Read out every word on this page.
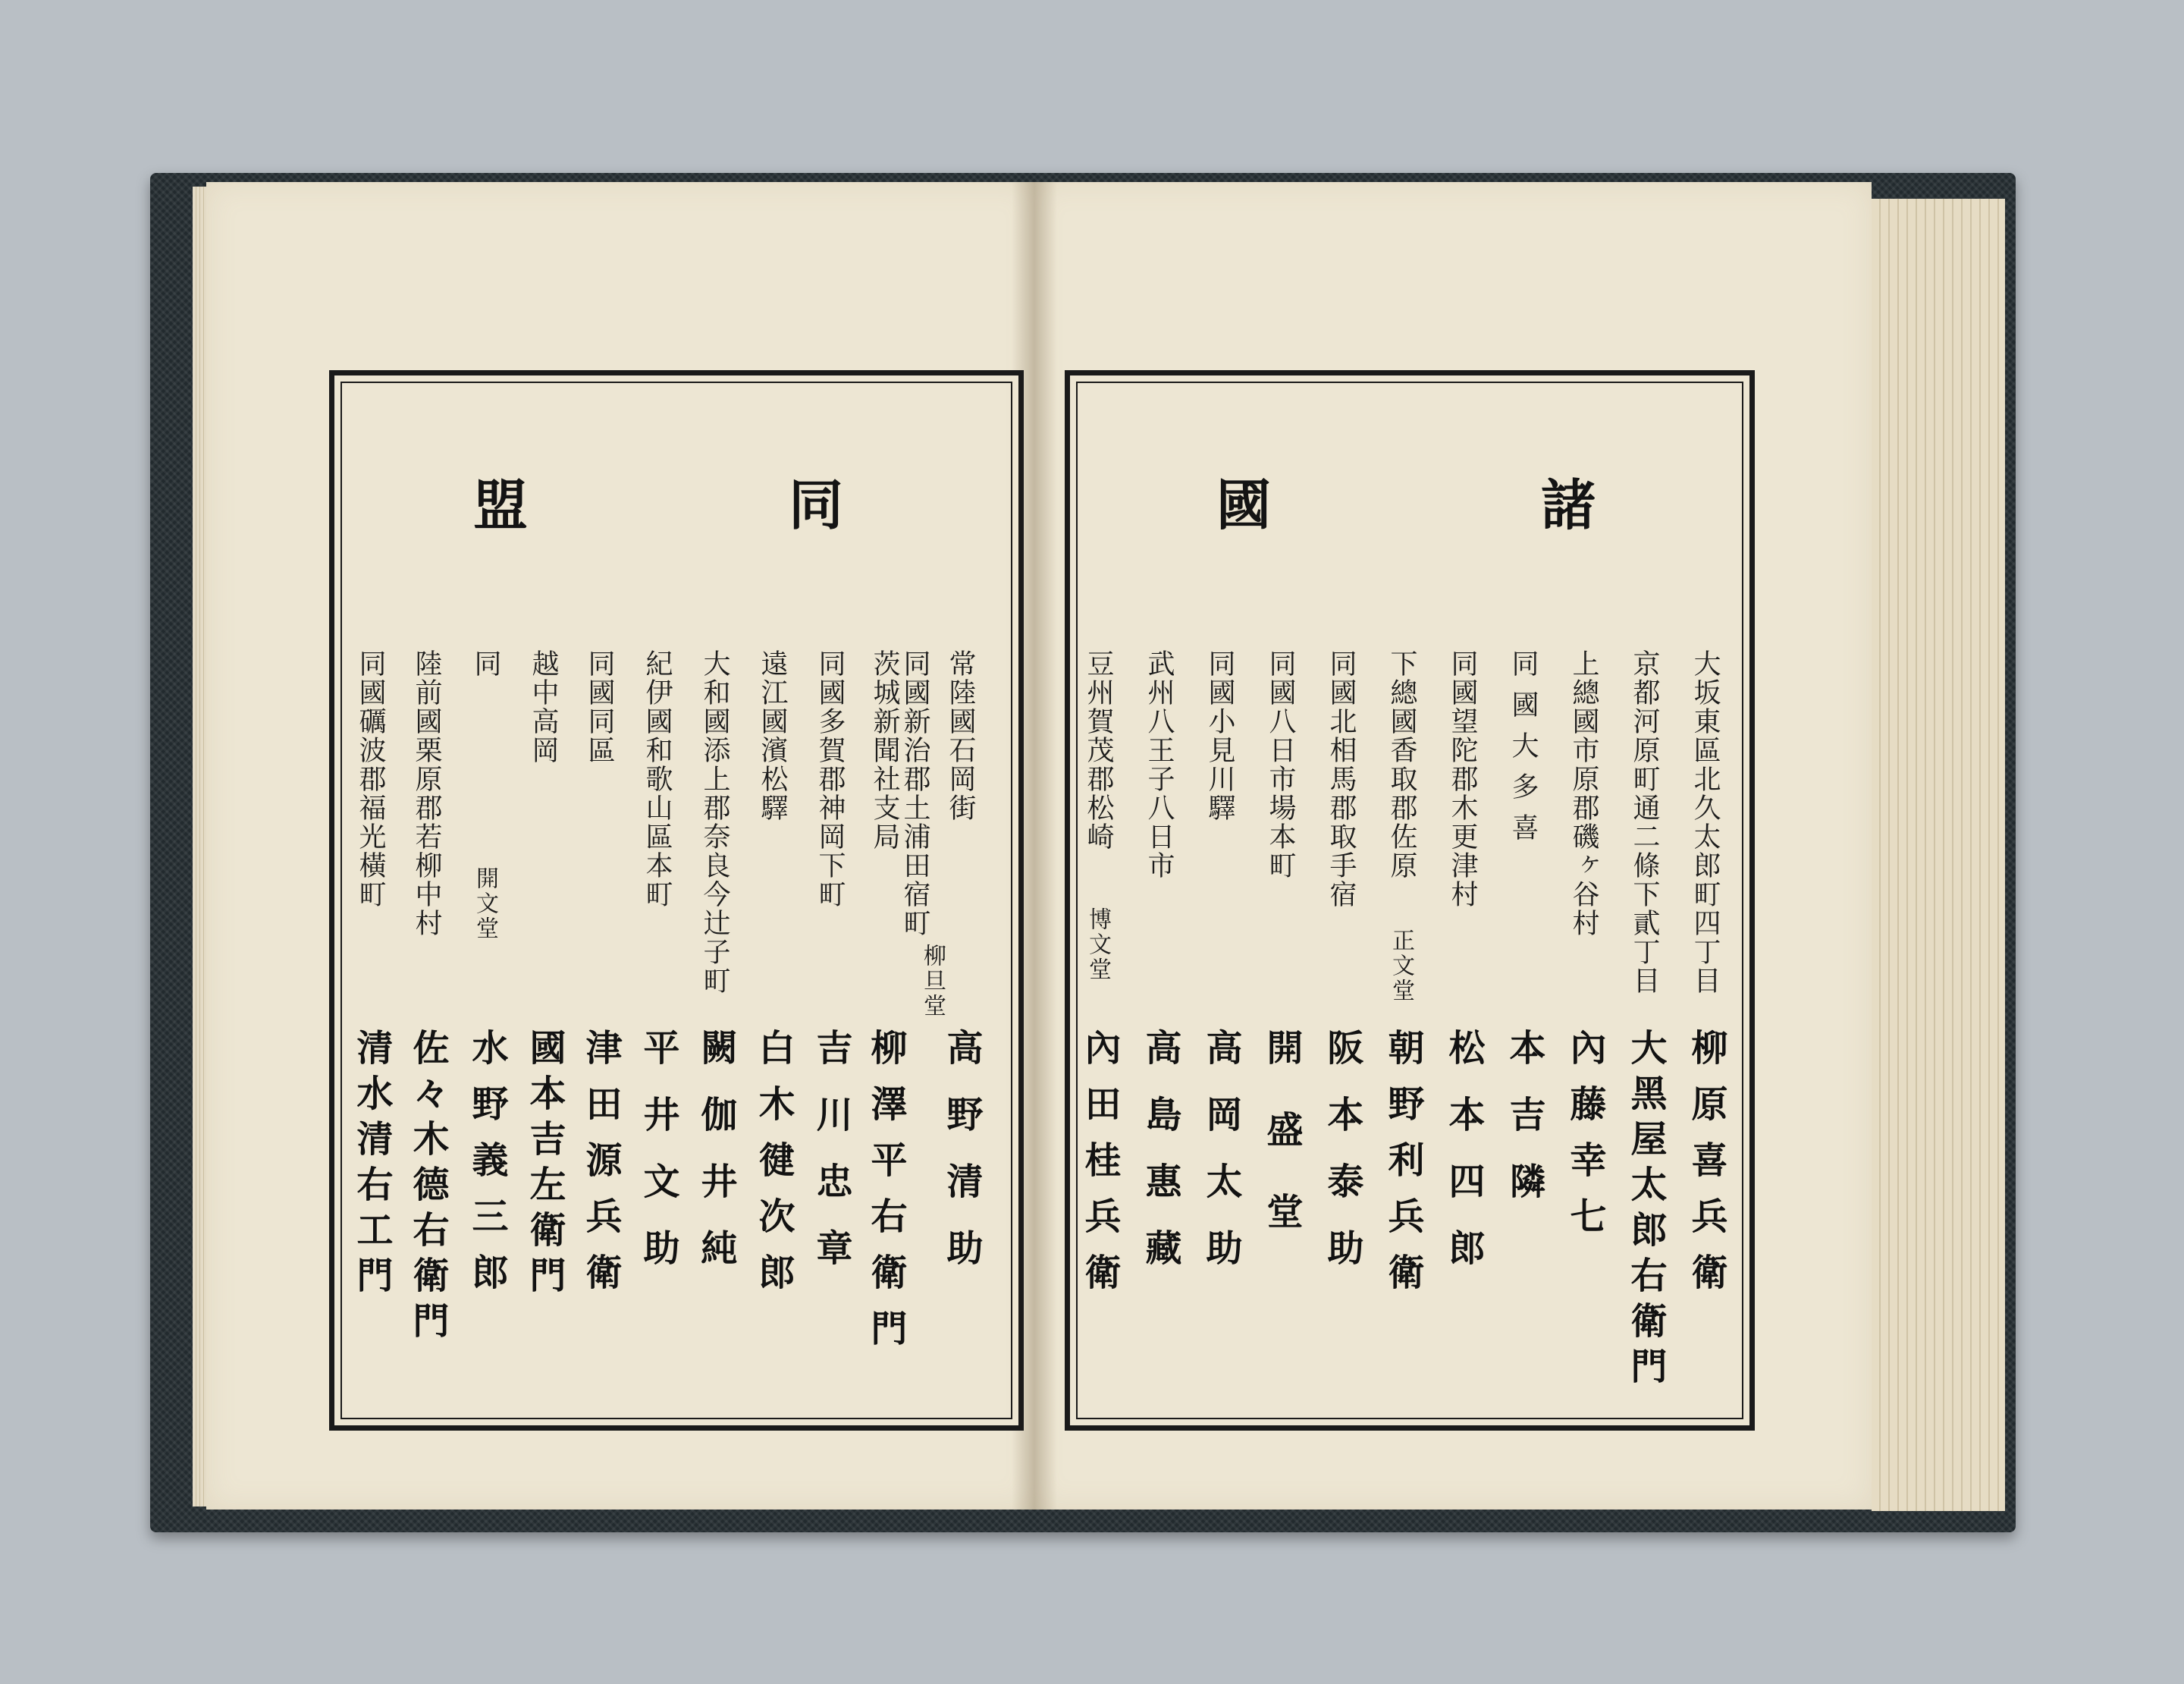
諸
國
同
盟
大坂東區北久太郎町四丁目
柳原喜兵衛
京都河原町通二條下貳丁目
大黑屋太郎右衛門
上總國市原郡磯ヶ谷村
內藤幸七
同國大多喜
本吉隣
同國望陀郡木更津村
松本四郎
下總國香取郡佐原
正文堂
朝野利兵衛
同國北相馬郡取手宿
阪本泰助
同國八日市場本町
開盛堂
同國小見川驛
高岡太助
武州八王子八日市
高島惠藏
豆州賀茂郡松崎
博文堂
內田桂兵衛
常陸國石岡街
高野清助
同國新治郡土浦田宿町
茨城新聞社支局
柳旦堂
柳澤平右衛門
同國多賀郡神岡下町
吉川忠章
遠江國濱松驛
白木徤次郎
大和國添上郡奈良今辻子町
闕伽井純
紀伊國和歌山區本町
平井文助
同國同區
津田源兵衛
越中高岡
國本吉左衛門
同
開文堂
水野義三郎
陸前國栗原郡若柳中村
佐々木德右衛門
同國礪波郡福光橫町
清水清右工門
